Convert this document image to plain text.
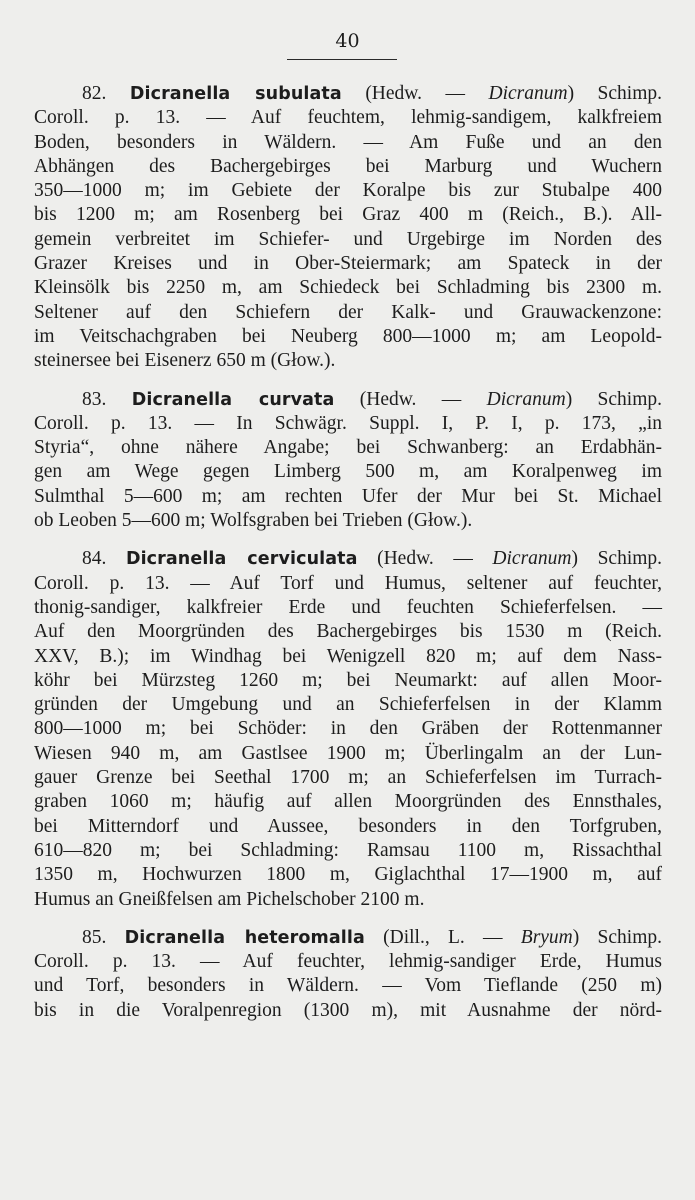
40

82. Dicranella subulata (Hedw. — Dicranum) Schimp.
Coroll. p. 13. — Auf feuchtem, lehmig-sandigem, kalkfreiem
Boden, besonders in Wäldern. — Am Fuße und an den
Abhängen des Bachergebirges bei Marburg und Wuchern
350—1000 m; im Gebiete der Koralpe bis zur Stubalpe 400
bis 1200 m; am Rosenberg bei Graz 400 m (Reich., B.). All-
gemein verbreitet im Schiefer- und Urgebirge im Norden des
Grazer Kreises und in Ober-Steiermark; am Spateck in der
Kleinsölk bis 2250 m, am Schiedeck bei Schladming bis 2300 m.
Seltener auf den Schiefern der Kalk- und Grauwackenzone:
im Veitschachgraben bei Neuberg 800—1000 m; am Leopold-
steinersee bei Eisenerz 650 m (Głow.).

83. Dicranella curvata (Hedw. — Dicranum) Schimp.
Coroll. p. 13. — In Schwägr. Suppl. I, P. I, p. 173, „in
Styria“, ohne nähere Angabe; bei Schwanberg: an Erdabhän-
gen am Wege gegen Limberg 500 m, am Koralpenweg im
Sulmthal 5—600 m; am rechten Ufer der Mur bei St. Michael
ob Leoben 5—600 m; Wolfsgraben bei Trieben (Głow.).

84. Dicranella cerviculata (Hedw. — Dicranum) Schimp.
Coroll. p. 13. — Auf Torf und Humus, seltener auf feuchter,
thonig-sandiger, kalkfreier Erde und feuchten Schieferfelsen. —
Auf den Moorgründen des Bachergebirges bis 1530 m (Reich.
XXV, B.); im Windhag bei Wenigzell 820 m; auf dem Nass-
köhr bei Mürzsteg 1260 m; bei Neumarkt: auf allen Moor-
gründen der Umgebung und an Schieferfelsen in der Klamm
800—1000 m; bei Schöder: in den Gräben der Rottenmanner
Wiesen 940 m, am Gastlsee 1900 m; Überlingalm an der Lun-
gauer Grenze bei Seethal 1700 m; an Schieferfelsen im Turrach-
graben 1060 m; häufig auf allen Moorgründen des Ennsthales,
bei Mitterndorf und Aussee, besonders in den Torfgruben,
610—820 m; bei Schladming: Ramsau 1100 m, Rissachthal
1350 m, Hochwurzen 1800 m, Giglachthal 17—1900 m, auf
Humus an Gneißfelsen am Pichelschober 2100 m.

85. Dicranella heteromalla (Dill., L. — Bryum) Schimp.
Coroll. p. 13. — Auf feuchter, lehmig-sandiger Erde, Humus
und Torf, besonders in Wäldern. — Vom Tieflande (250 m)
bis in die Voralpenregion (1300 m), mit Ausnahme der nörd-
